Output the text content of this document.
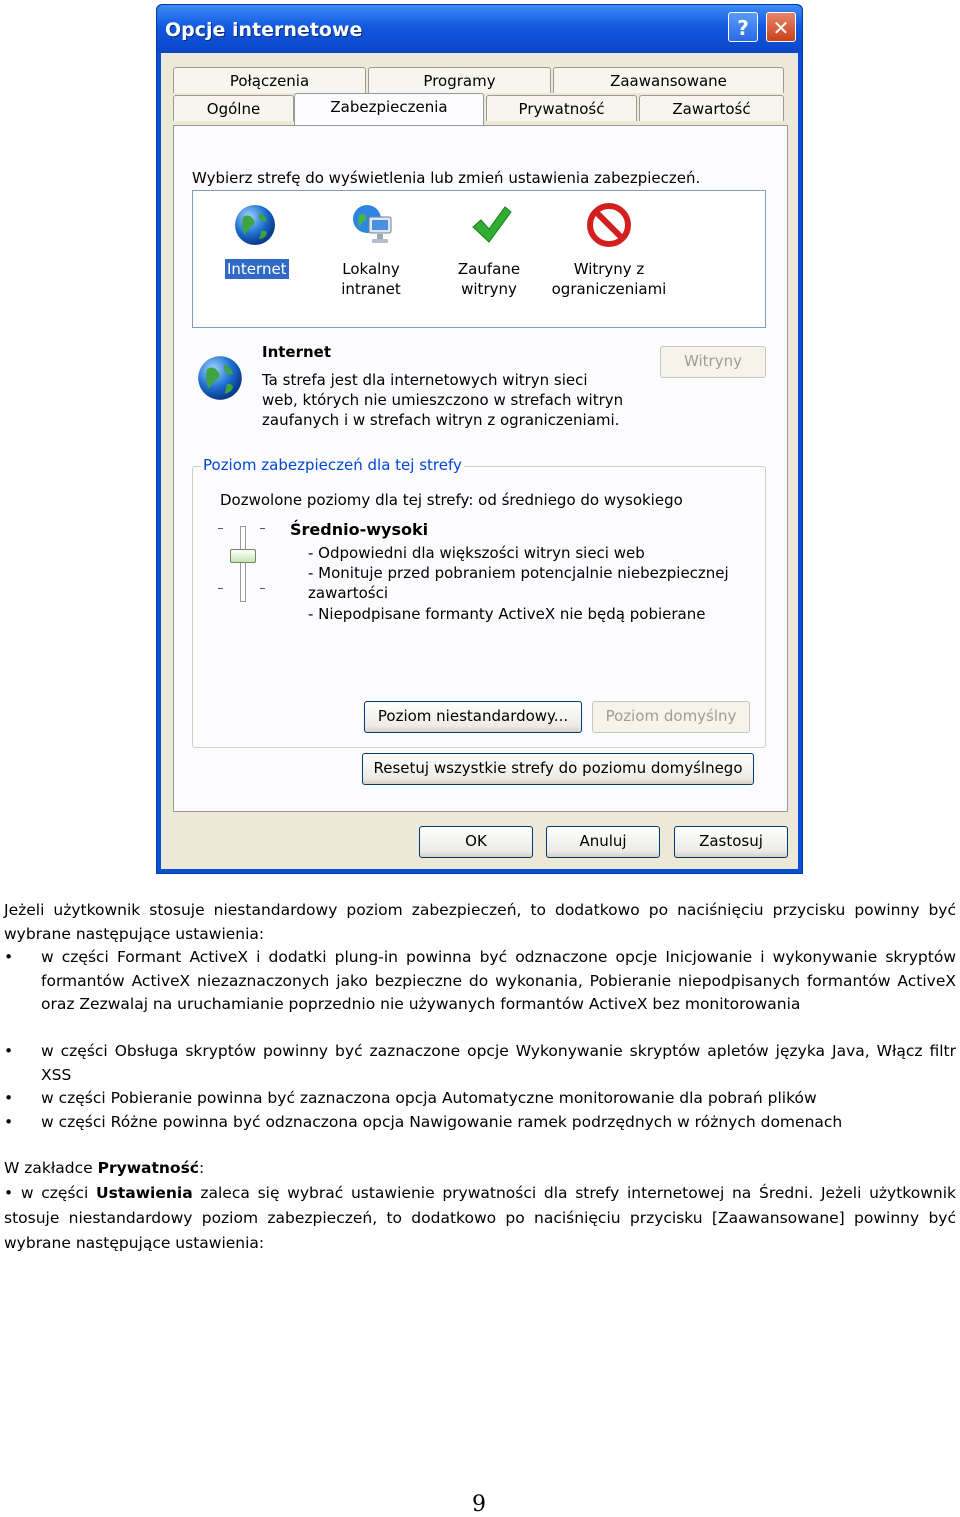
Opcje internetowe	?	✕
Połączenia	Programy	Zaawansowane
Ogólne	Zabezpieczenia	Prywatność	Zawartość
Wybierz strefę do wyświetlenia lub zmień ustawienia zabezpieczeń.
Internet	Lokalny
intranet
Zaufane
witryny
Witryny z
ograniczeniami
Internet
Ta strefa jest dla internetowych witryn sieci
web, których nie umieszczono w strefach witryn
zaufanych i w strefach witryn z ograniczeniami.
Witryny
Poziom zabezpieczeń dla tej strefy
Dozwolone poziomy dla tej strefy: od średniego do wysokiego
Średnio-wysoki
- Odpowiedni dla większości witryn sieci web
- Monituje przed pobraniem potencjalnie niebezpiecznej
zawartości
- Niepodpisane formanty ActiveX nie będą pobierane
Poziom niestandardowy...	Poziom domyślny
Resetuj wszystkie strefy do poziomu domyślnego
OK	Anuluj	Zastosuj
Jeżeli użytkownik stosuje niestandardowy poziom zabezpieczeń, to dodatkowo po naciśnięciu przycisku powinny być wybrane następujące ustawienia:
• w części Formant ActiveX i dodatki plung-in powinna być odznaczone opcje Inicjowanie i wykonywanie skryptów formantów ActiveX niezaznaczonych jako bezpieczne do wykonania, Pobieranie niepodpisanych formantów ActiveX oraz Zezwalaj na uruchamianie poprzednio nie używanych formantów ActiveX bez monitorowania
• w części Obsługa skryptów powinny być zaznaczone opcje Wykonywanie skryptów apletów języka Java, Włącz filtr XSS
• w części Pobieranie powinna być zaznaczona opcja Automatyczne monitorowanie dla pobrań plików
• w części Różne powinna być odznaczona opcja Nawigowanie ramek podrzędnych w różnych domenach
W zakładce Prywatność:
• w części Ustawienia zaleca się wybrać ustawienie prywatności dla strefy internetowej na Średni. Jeżeli użytkownik stosuje niestandardowy poziom zabezpieczeń, to dodatkowo po naciśnięciu przycisku [Zaawansowane] powinny być wybrane następujące ustawienia:
9
